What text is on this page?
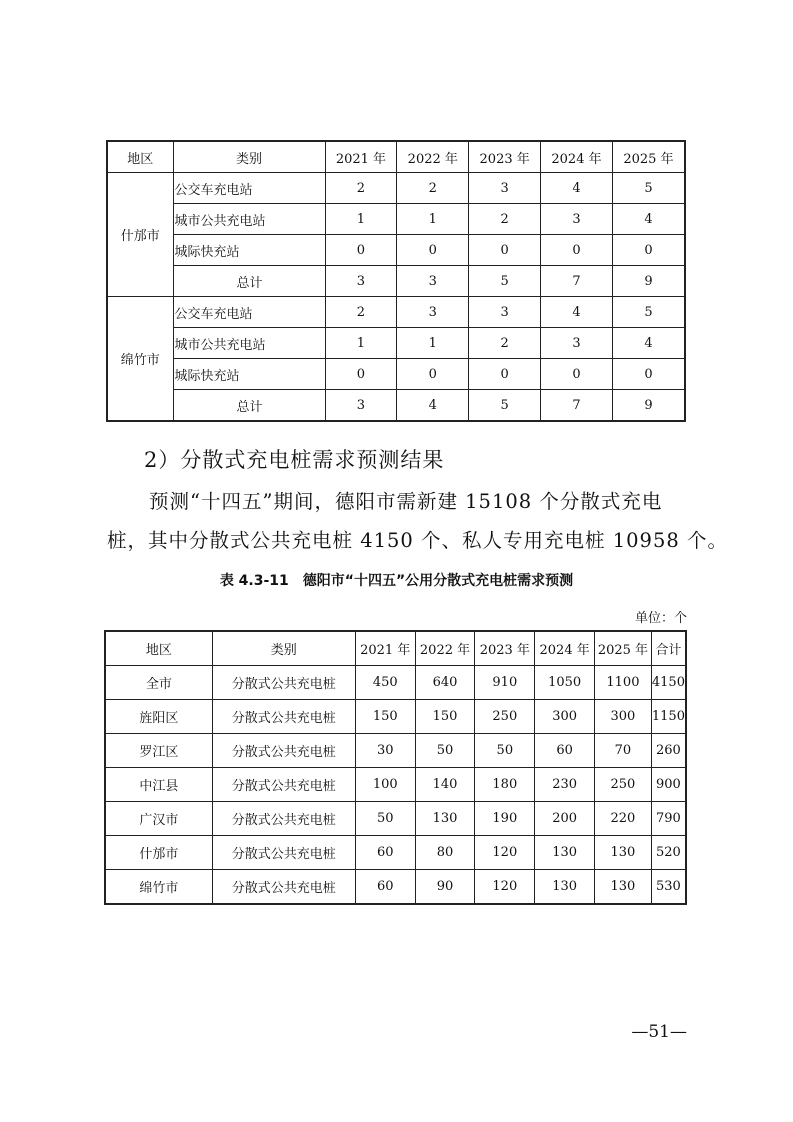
地区	类别	2021 年	2022 年	2023 年	2024 年	2025 年
什邡市	公交车充电站	2	2	3	4	5
	城市公共充电站	1	1	2	3	4
	城际快充站	0	0	0	0	0
	总计	3	3	5	7	9
绵竹市	公交车充电站	2	3	3	4	5
	城市公共充电站	1	1	2	3	4
	城际快充站	0	0	0	0	0
	总计	3	4	5	7	9
2）分散式充电桩需求预测结果
预测“十四五”期间，德阳市需新建 15108 个分散式充电
桩，其中分散式公共充电桩 4150 个、私人专用充电桩 10958 个。
表 4.3-11　德阳市“十四五”公用分散式充电桩需求预测
单位：个
地区	类别	2021 年	2022 年	2023 年	2024 年	2025 年	合计
全市	分散式公共充电桩	450	640	910	1050	1100	4150
旌阳区	分散式公共充电桩	150	150	250	300	300	1150
罗江区	分散式公共充电桩	30	50	50	60	70	260
中江县	分散式公共充电桩	100	140	180	230	250	900
广汉市	分散式公共充电桩	50	130	190	200	220	790
什邡市	分散式公共充电桩	60	80	120	130	130	520
绵竹市	分散式公共充电桩	60	90	120	130	130	530
—51—
